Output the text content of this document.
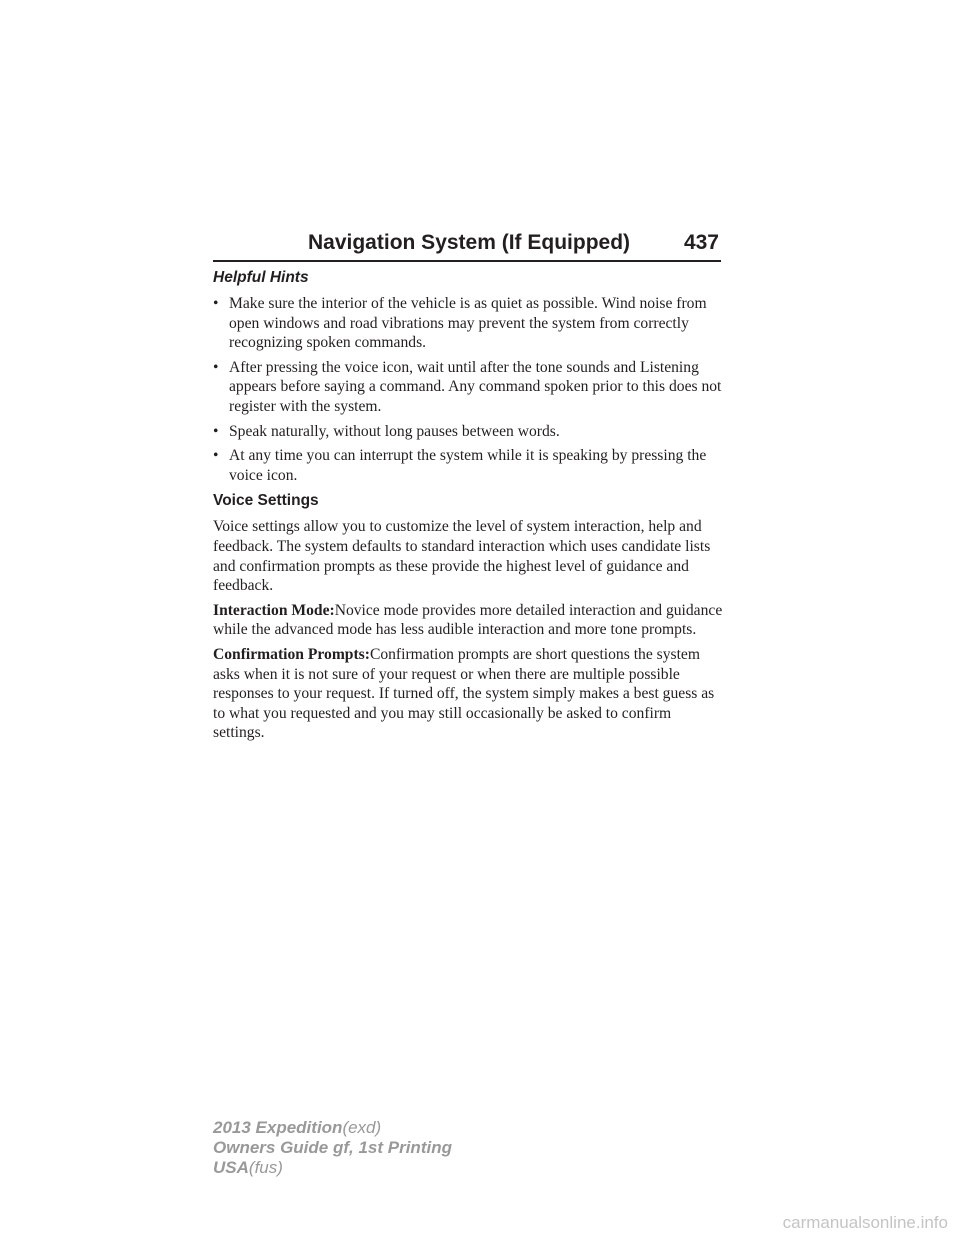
Navigation System (If Equipped)	437
Helpful Hints
• Make sure the interior of the vehicle is as quiet as possible. Wind noise from open windows and road vibrations may prevent the system from correctly recognizing spoken commands.
• After pressing the voice icon, wait until after the tone sounds and Listening appears before saying a command. Any command spoken prior to this does not register with the system.
• Speak naturally, without long pauses between words.
• At any time you can interrupt the system while it is speaking by pressing the voice icon.
Voice Settings

Voice settings allow you to customize the level of system interaction, help and feedback. The system defaults to standard interaction which uses candidate lists and confirmation prompts as these provide the highest level of guidance and feedback.

Interaction Mode:Novice mode provides more detailed interaction and guidance while the advanced mode has less audible interaction and more tone prompts.

Confirmation Prompts:Confirmation prompts are short questions the system asks when it is not sure of your request or when there are multiple possible responses to your request. If turned off, the system simply makes a best guess as to what you requested and you may still occasionally be asked to confirm settings.

2013 Expedition(exd)
Owners Guide gf, 1st Printing
USA(fus)
carmanualsonline.info
